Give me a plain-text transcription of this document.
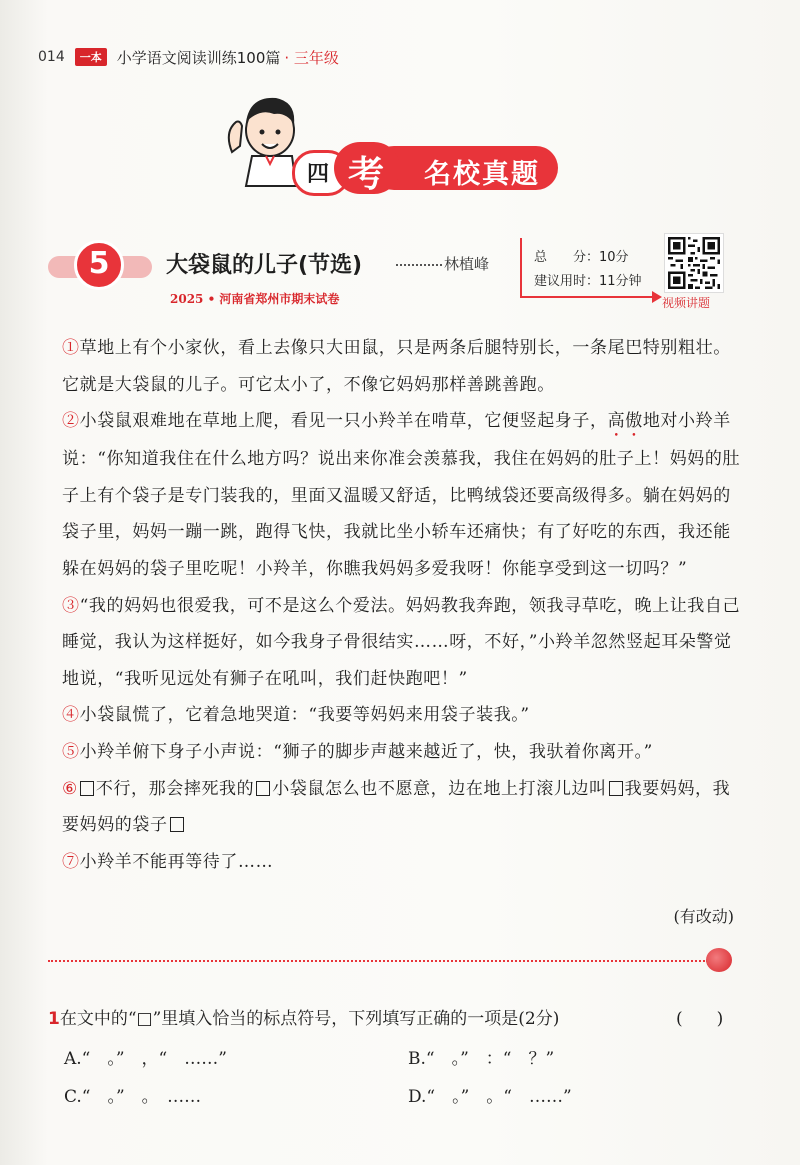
014	一本	小学语文阅读训练100篇 · 三年级
名校真题
四 考
5	大袋鼠的儿子(节选)	林植峰
2025 • 河南省郑州市期末试卷
总　　分：10分
建议用时：11分钟
视频讲题

①草地上有个小家伙，看上去像只大田鼠，只是两条后腿特别长，一条尾巴特别粗壮。它就是大袋鼠的儿子。可它太小了，不像它妈妈那样善跳善跑。

②小袋鼠艰难地在草地上爬，看见一只小羚羊在啃草，它便竖起身子，高傲地对小羚羊说：“你知道我住在什么地方吗？说出来你准会羡慕我，我住在妈妈的肚子上！妈妈的肚子上有个袋子是专门装我的，里面又温暖又舒适，比鸭绒袋还要高级得多。躺在妈妈的袋子里，妈妈一蹦一跳，跑得飞快，我就比坐小轿车还痛快；有了好吃的东西，我还能躲在妈妈的袋子里吃呢！小羚羊，你瞧我妈妈多爱我呀！你能享受到这一切吗？”

③“我的妈妈也很爱我，可不是这么个爱法。妈妈教我奔跑，领我寻草吃，晚上让我自己睡觉，我认为这样挺好，如今我身子骨很结实……呀，不好，”小羚羊忽然竖起耳朵警觉地说，“我听见远处有狮子在吼叫，我们赶快跑吧！”

④小袋鼠慌了，它着急地哭道：“我要等妈妈来用袋子装我。”

⑤小羚羊俯下身子小声说：“狮子的脚步声越来越近了，快，我驮着你离开。”

⑥ 不行，那会摔死我的 小袋鼠怎么也不愿意，边在地上打滚儿边叫 我要妈妈，我要妈妈的袋子

⑦小羚羊不能再等待了……

(有改动)
1在文中的“□”里填入恰当的标点符号，下列填写正确的一项是(2分)	(　　)
A.“　。”　，“　……”	B.“　。”　：“　？”
C.“　。”　。　……	D.“　。”　。“　……”
